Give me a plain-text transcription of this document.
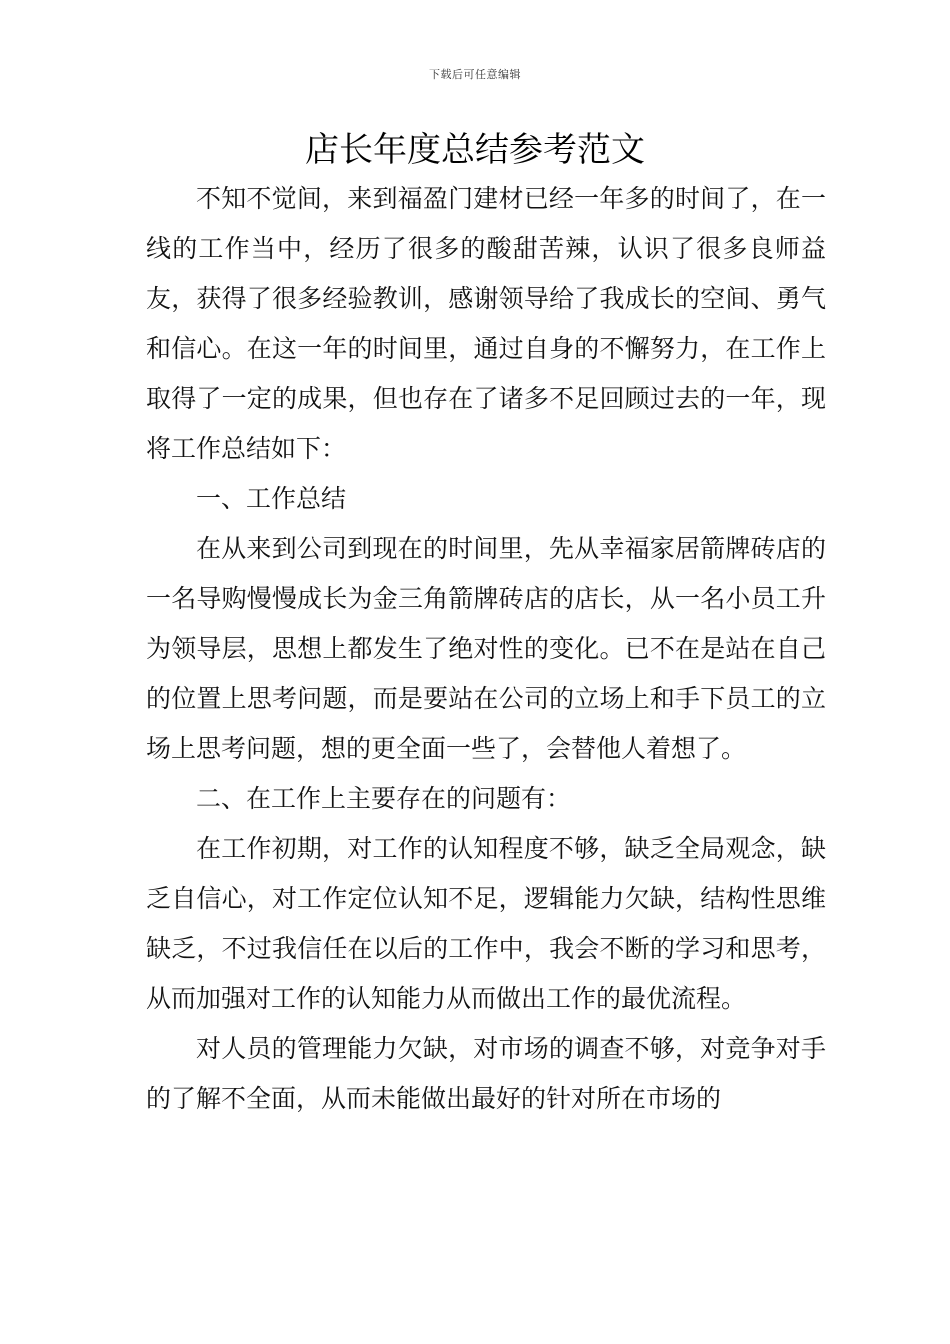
下载后可任意编辑
店长年度总结参考范文

不知不觉间，来到福盈门建材已经一年多的时间了，在一线的工作当中，经历了很多的酸甜苦辣，认识了很多良师益友，获得了很多经验教训，感谢领导给了我成长的空间、勇气和信心。在这一年的时间里，通过自身的不懈努力，在工作上取得了一定的成果，但也存在了诸多不足回顾过去的一年，现将工作总结如下：

一、工作总结

在从来到公司到现在的时间里，先从幸福家居箭牌砖店的一名导购慢慢成长为金三角箭牌砖店的店长，从一名小员工升为领导层，思想上都发生了绝对性的变化。已不在是站在自己的位置上思考问题，而是要站在公司的立场上和手下员工的立场上思考问题，想的更全面一些了，会替他人着想了。

二、在工作上主要存在的问题有：

在工作初期，对工作的认知程度不够，缺乏全局观念，缺乏自信心，对工作定位认知不足，逻辑能力欠缺，结构性思维缺乏，不过我信任在以后的工作中，我会不断的学习和思考，从而加强对工作的认知能力从而做出工作的最优流程。

对人员的管理能力欠缺，对市场的调查不够，对竞争对手的了解不全面，从而未能做出最好的针对所在市场的
